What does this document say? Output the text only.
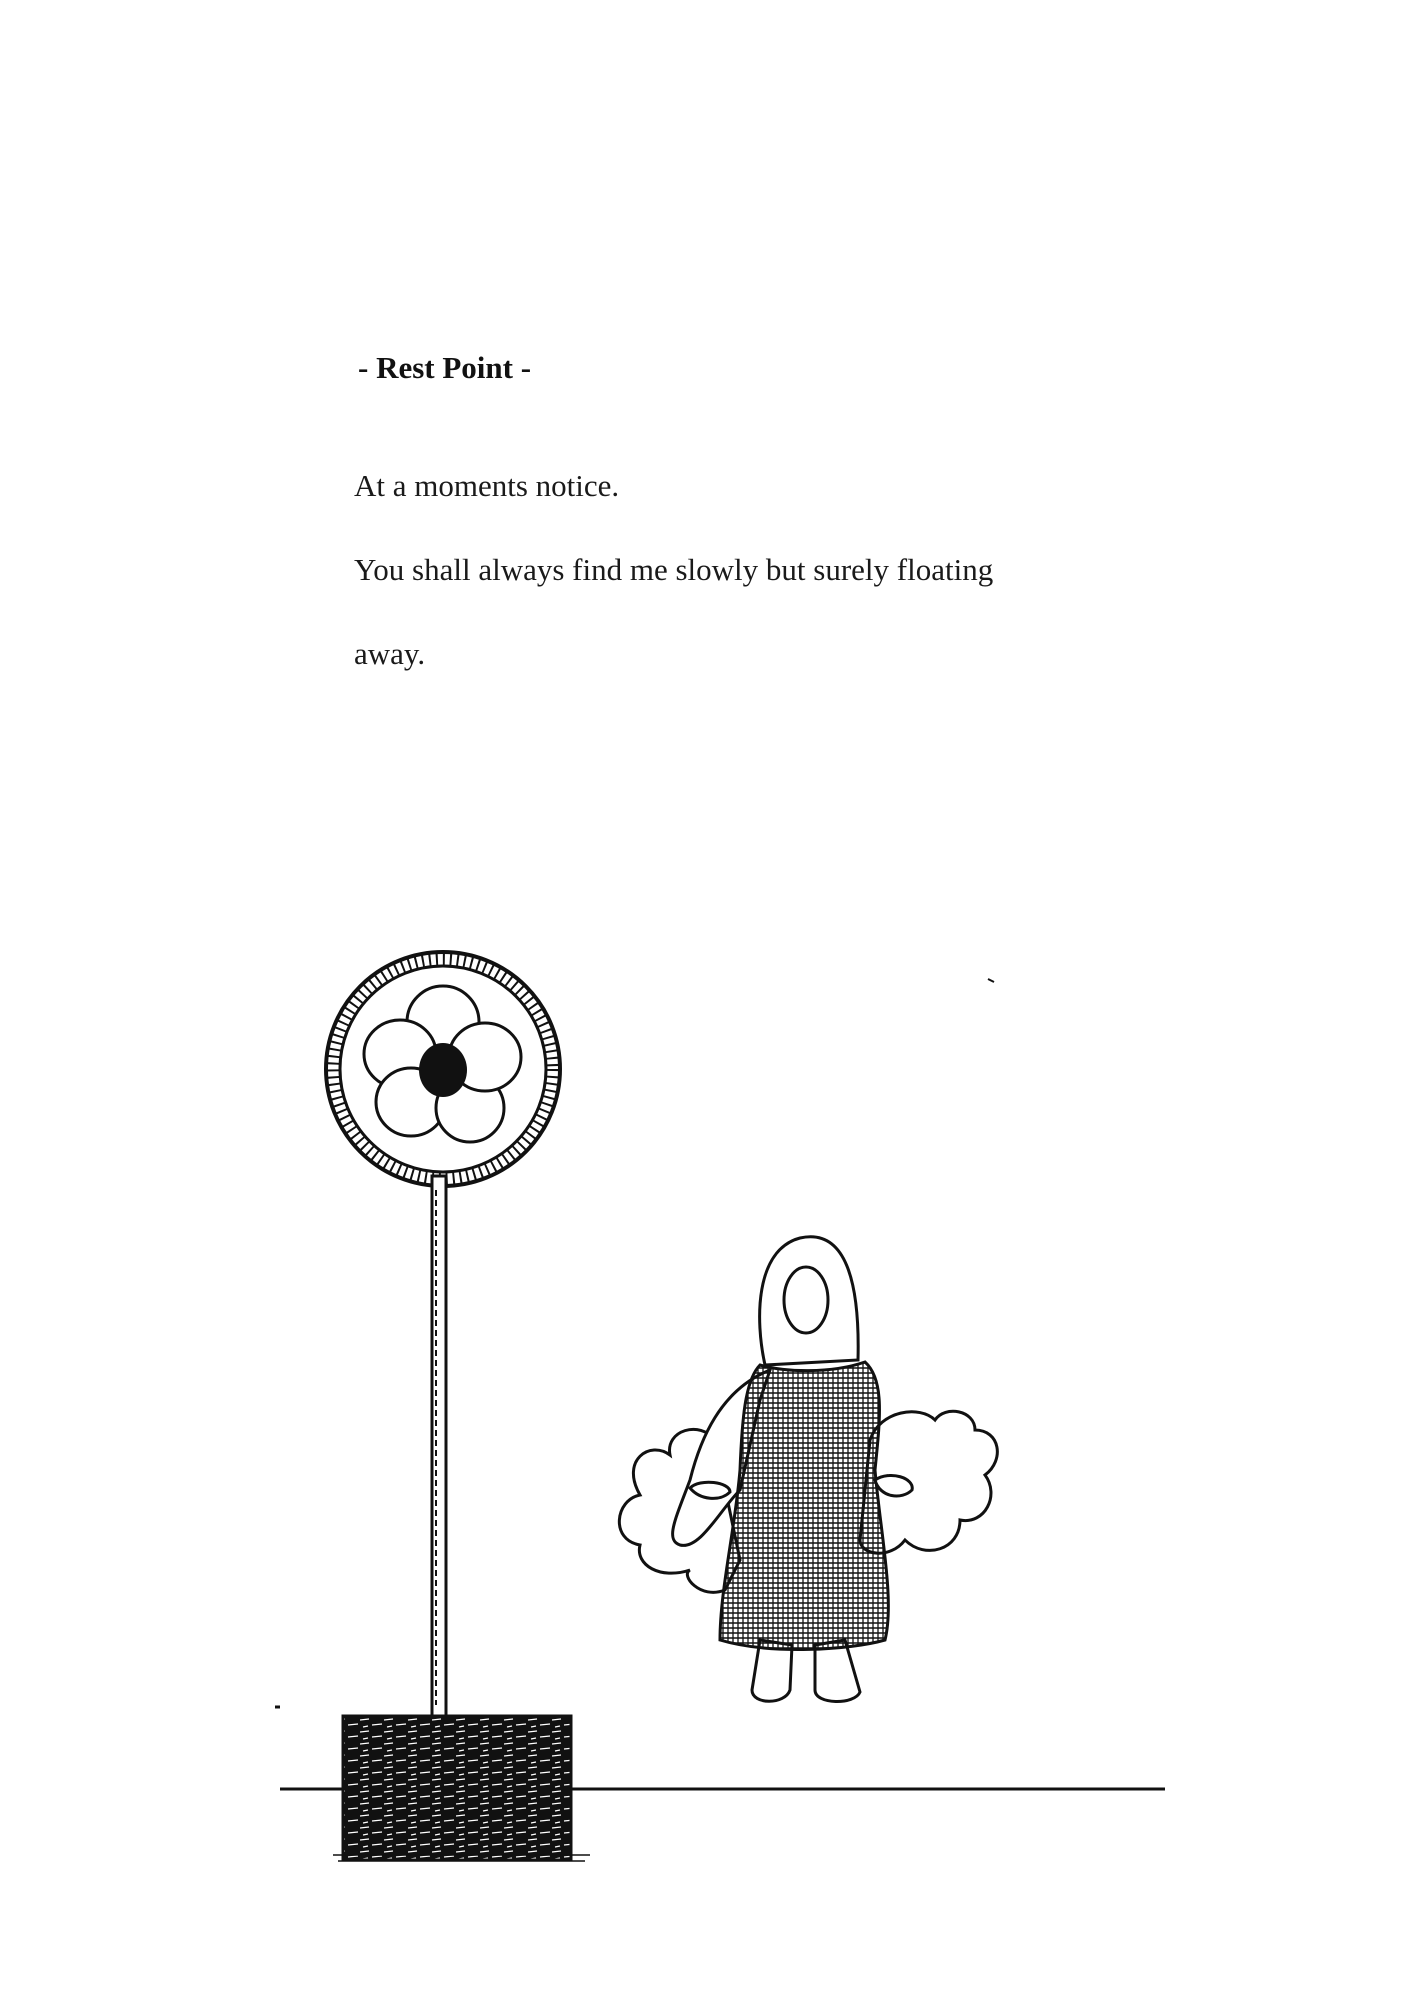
- Rest Point -
At a moments notice.
You shall always find me slowly but surely floating
away.
